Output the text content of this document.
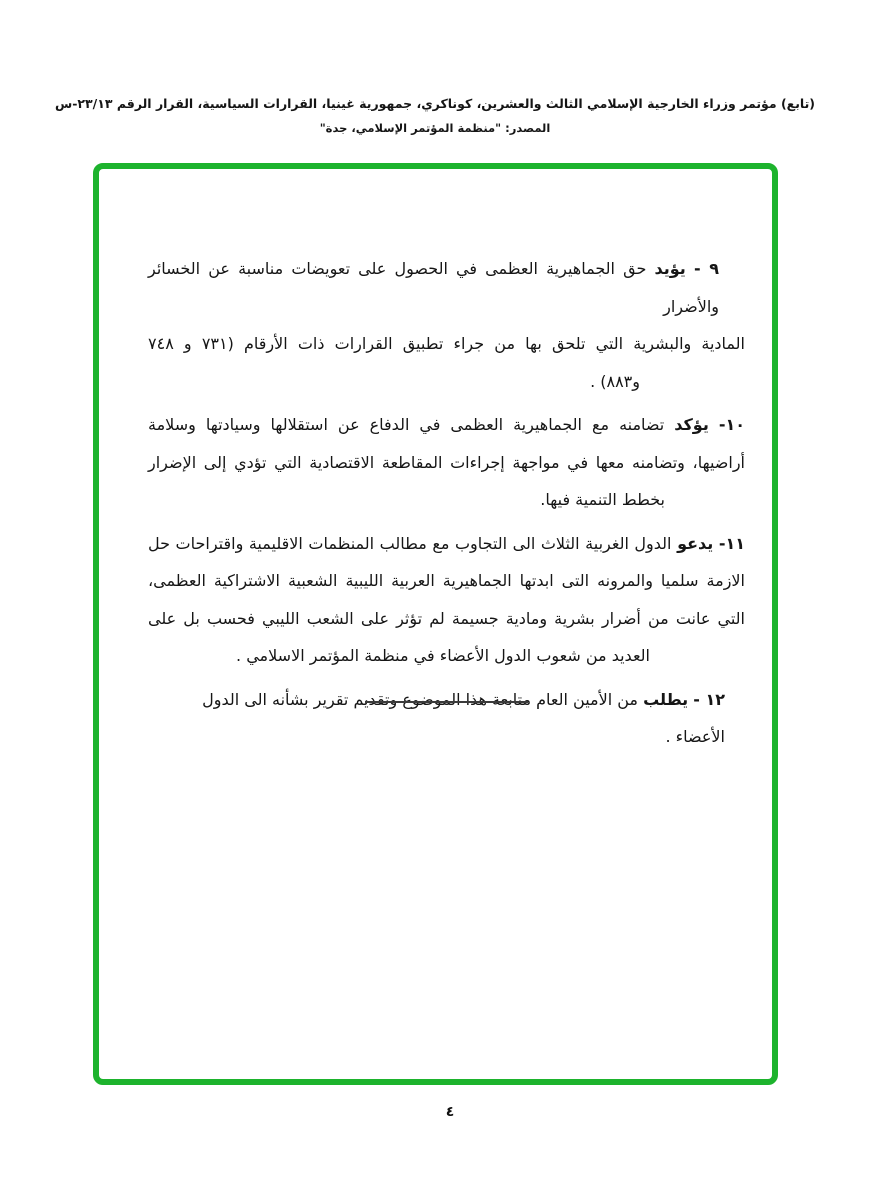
(تابع) مؤتمر وزراء الخارجية الإسلامي الثالث والعشرين، كوناكري، جمهورية غينيا، القرارات السياسية، القرار الرقم ٢٣/١٣-س
المصدر: "منظمة المؤتمر الإسلامي، جدة"
٩ - يؤيد حق الجماهيرية العظمى في الحصول على تعويضات مناسبة عن الخسائر والأضرار
المادية والبشرية التي تلحق بها من جراء تطبيق القرارات ذات الأرقام (٧٣١ و ٧٤٨
و٨٨٣) .
١٠- يؤكد تضامنه مع الجماهيرية العظمى في الدفاع عن استقلالها وسيادتها وسلامة
أراضيها، وتضامنه معها في مواجهة إجراءات المقاطعة الاقتصادية التي تؤدي إلى الإضرار
بخطط التنمية فيها.
١١- يدعو الدول الغربية الثلاث الى التجاوب مع مطالب المنظمات الاقليمية واقتراحات حل
الازمة سلميا والمرونه التى ابدتها الجماهيرية العربية الليبية الشعبية الاشتراكية العظمى،
التي عانت من أضرار بشرية ومادية جسيمة لم تؤثر على الشعب الليبي فحسب بل على
العديد من شعوب الدول الأعضاء في منظمة المؤتمر الاسلامي .
١٢ - يطلب من الأمين العام متابعة هذا الموضوع وتقديم تقرير بشأنه الى الدول الأعضاء .
٤
